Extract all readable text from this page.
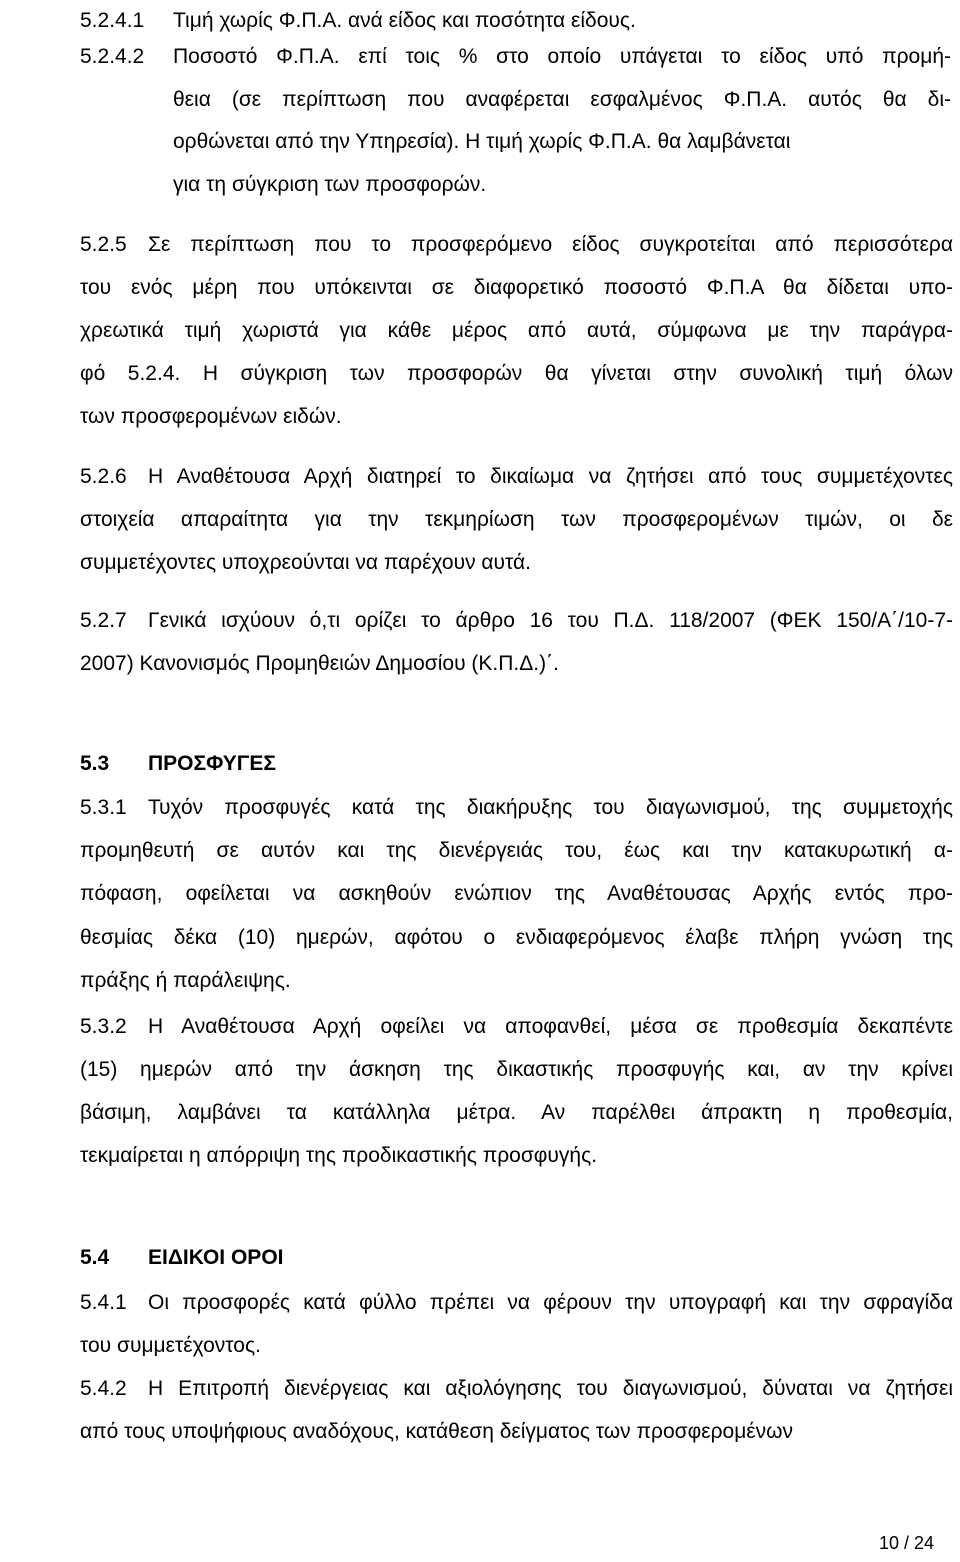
5.2.4.1 Τιμή χωρίς Φ.Π.Α. ανά είδος και ποσότητα είδους.
5.2.4.2 Ποσοστό Φ.Π.Α. επί τοις % στο οποίο υπάγεται το είδος υπό προμή-
θεια (σε περίπτωση που αναφέρεται εσφαλμένος Φ.Π.Α. αυτός θα δι-
ορθώνεται από την Υπηρεσία). Η τιμή χωρίς Φ.Π.Α. θα λαμβάνεται
για τη σύγκριση των προσφορών.
5.2.5 Σε περίπτωση που το προσφερόμενο είδος συγκροτείται από περισσότερα
του ενός μέρη που υπόκεινται σε διαφορετικό ποσοστό Φ.Π.Α θα δίδεται υπο-
χρεωτικά τιμή χωριστά για κάθε μέρος από αυτά, σύμφωνα με την παράγρα-
φό 5.2.4. Η σύγκριση των προσφορών θα γίνεται στην συνολική τιμή όλων
των προσφερομένων ειδών.
5.2.6 Η Αναθέτουσα Αρχή διατηρεί το δικαίωμα να ζητήσει από τους συμμετέχοντες
στοιχεία απαραίτητα για την τεκμηρίωση των προσφερομένων τιμών, οι δε
συμμετέχοντες υποχρεούνται να παρέχουν αυτά.
5.2.7 Γενικά ισχύουν ό,τι ορίζει το άρθρο 16 του Π.Δ. 118/2007 (ΦΕΚ 150/Α΄/10-7-
2007) Κανονισμός Προμηθειών Δημοσίου (Κ.Π.Δ.)΄.
5.3 ΠΡΟΣΦΥΓΕΣ
5.3.1 Τυχόν προσφυγές κατά της διακήρυξης του διαγωνισμού, της συμμετοχής
προμηθευτή σε αυτόν και της διενέργειάς του, έως και την κατακυρωτική α-
πόφαση, οφείλεται να ασκηθούν ενώπιον της Αναθέτουσας Αρχής εντός προ-
θεσμίας δέκα (10) ημερών, αφότου ο ενδιαφερόμενος έλαβε πλήρη γνώση της
πράξης ή παράλειψης.
5.3.2 Η Αναθέτουσα Αρχή οφείλει να αποφανθεί, μέσα σε προθεσμία δεκαπέντε
(15) ημερών από την άσκηση της δικαστικής προσφυγής και, αν την κρίνει
βάσιμη, λαμβάνει τα κατάλληλα μέτρα. Αν παρέλθει άπρακτη η προθεσμία,
τεκμαίρεται η απόρριψη της προδικαστικής προσφυγής.
5.4 ΕΙΔΙΚΟΙ ΟΡΟΙ
5.4.1 Οι προσφορές κατά φύλλο πρέπει να φέρουν την υπογραφή και την σφραγίδα
του συμμετέχοντος.
5.4.2 Η Επιτροπή διενέργειας και αξιολόγησης του διαγωνισμού, δύναται να ζητήσει
από τους υποψήφιους αναδόχους, κατάθεση δείγματος των προσφερομένων
10 / 24
